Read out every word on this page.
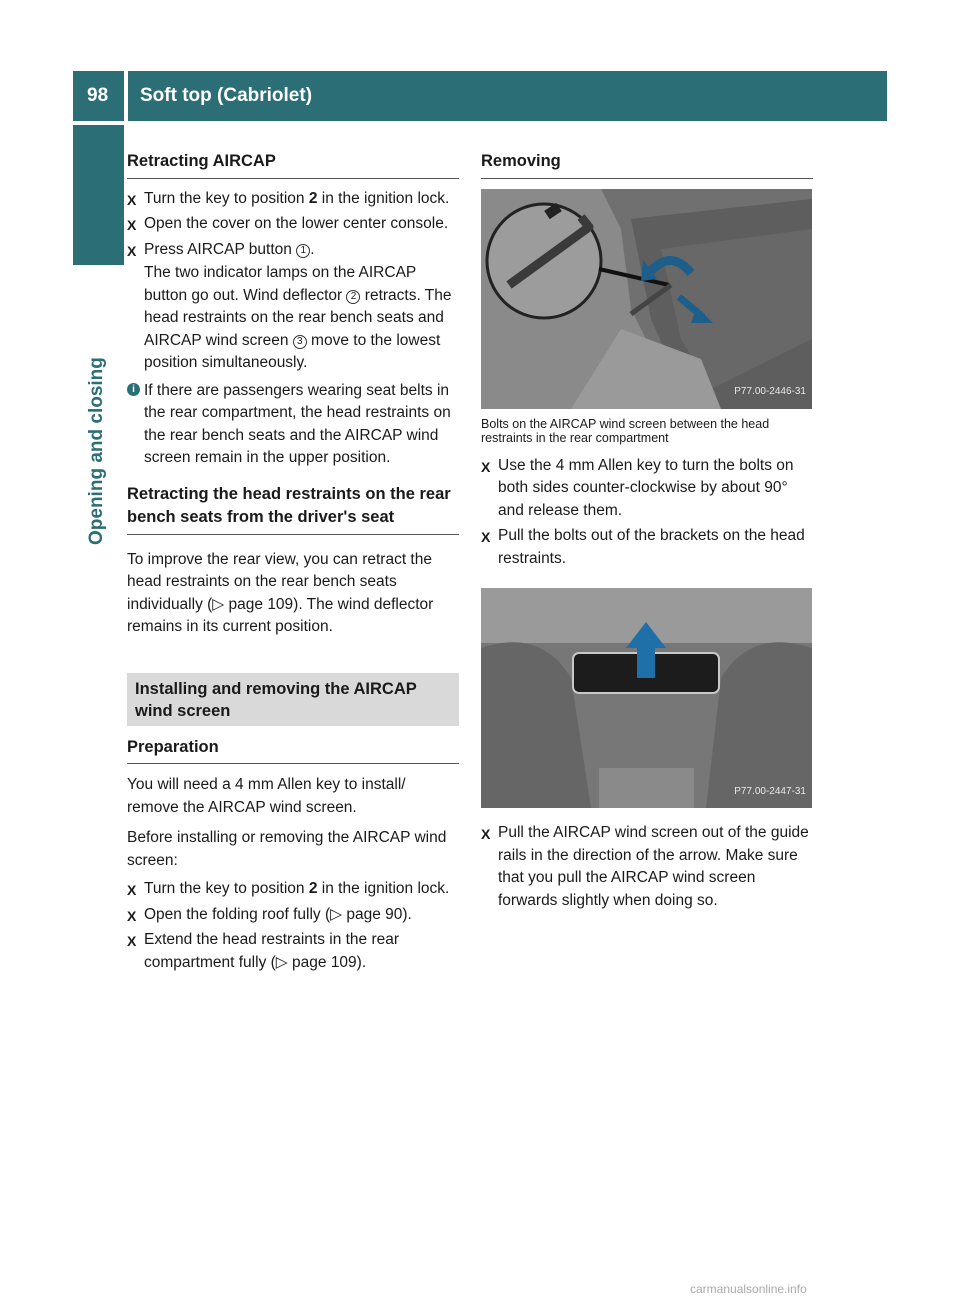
98	Soft top (Cabriolet)
Opening and closing
Retracting AIRCAP
X Turn the key to position 2 in the ignition lock.
X Open the cover on the lower center console.
X Press AIRCAP button 1 .
The two indicator lamps on the AIRCAP button go out. Wind deflector 2 retracts. The head restraints on the rear bench seats and AIRCAP wind screen 3 move to the lowest position simultaneously.
i If there are passengers wearing seat belts in the rear compartment, the head restraints on the rear bench seats and the AIRCAP wind screen remain in the upper position.
Retracting the head restraints on the rear bench seats from the driver's seat

To improve the rear view, you can retract the head restraints on the rear bench seats individually (▷ page 109). The wind deflector remains in its current position.

Installing and removing the AIRCAP wind screen
Preparation

You will need a 4 mm Allen key to install/ remove the AIRCAP wind screen.

Before installing or removing the AIRCAP wind screen:

X Turn the key to position 2 in the ignition lock.
X Open the folding roof fully (▷ page 90).
X Extend the head restraints in the rear compartment fully (▷ page 109).
Removing
P77.00-2446-31

Bolts on the AIRCAP wind screen between the head restraints in the rear compartment

X Use the 4 mm Allen key to turn the bolts on both sides counter-clockwise by about 90° and release them.
X Pull the bolts out of the brackets on the head restraints.
P77.00-2447-31
X Pull the AIRCAP wind screen out of the guide rails in the direction of the arrow. Make sure that you pull the AIRCAP wind screen forwards slightly when doing so.
carmanualsonline.info
